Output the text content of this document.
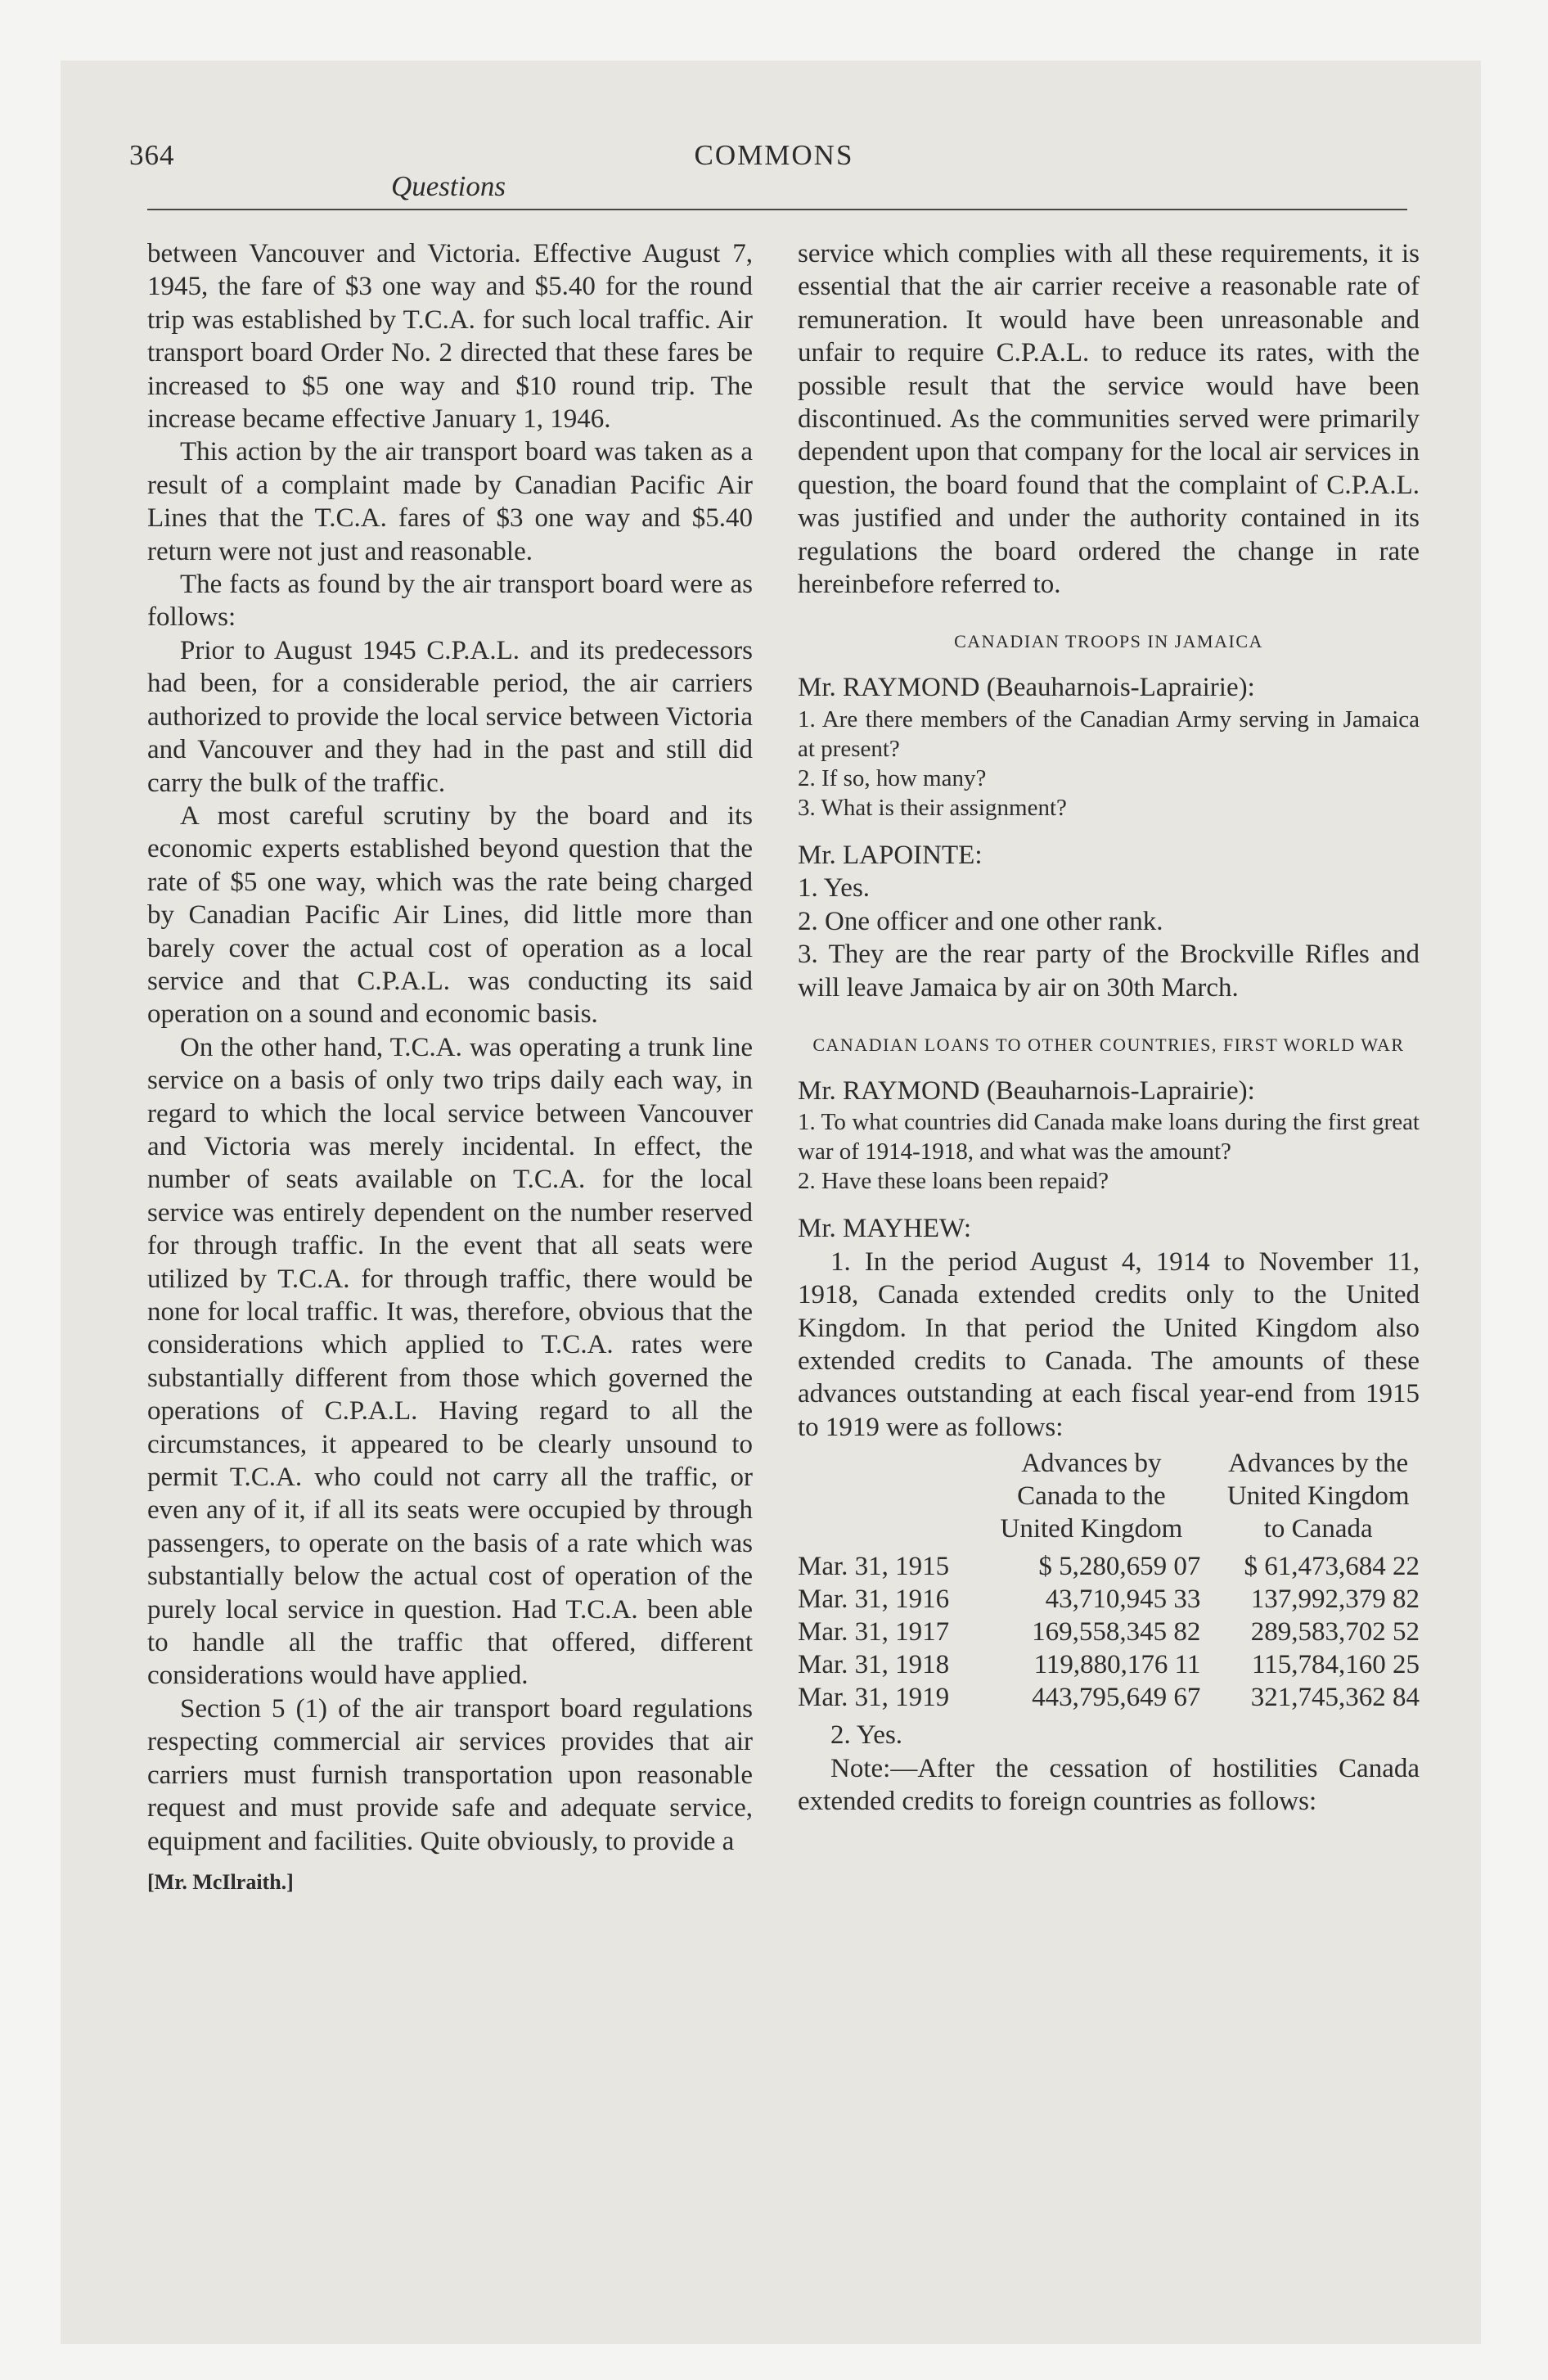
364	COMMONS
Questions

between Vancouver and Victoria. Effective August 7, 1945, the fare of $3 one way and $5.40 for the round trip was established by T.C.A. for such local traffic. Air transport board Order No. 2 directed that these fares be increased to $5 one way and $10 round trip. The increase became effective January 1, 1946.

This action by the air transport board was taken as a result of a complaint made by Canadian Pacific Air Lines that the T.C.A. fares of $3 one way and $5.40 return were not just and reasonable.

The facts as found by the air transport board were as follows:

Prior to August 1945 C.P.A.L. and its predecessors had been, for a considerable period, the air carriers authorized to provide the local service between Victoria and Vancouver and they had in the past and still did carry the bulk of the traffic.

A most careful scrutiny by the board and its economic experts established beyond question that the rate of $5 one way, which was the rate being charged by Canadian Pacific Air Lines, did little more than barely cover the actual cost of operation as a local service and that C.P.A.L. was conducting its said operation on a sound and economic basis.

On the other hand, T.C.A. was operating a trunk line service on a basis of only two trips daily each way, in regard to which the local service between Vancouver and Victoria was merely incidental. In effect, the number of seats available on T.C.A. for the local service was entirely dependent on the number reserved for through traffic. In the event that all seats were utilized by T.C.A. for through traffic, there would be none for local traffic. It was, therefore, obvious that the considerations which applied to T.C.A. rates were substantially different from those which governed the operations of C.P.A.L. Having regard to all the circumstances, it appeared to be clearly unsound to permit T.C.A. who could not carry all the traffic, or even any of it, if all its seats were occupied by through passengers, to operate on the basis of a rate which was substantially below the actual cost of operation of the purely local service in question. Had T.C.A. been able to handle all the traffic that offered, different considerations would have applied.

Section 5 (1) of the air transport board regulations respecting commercial air services provides that air carriers must furnish transportation upon reasonable request and must provide safe and adequate service, equipment and facilities. Quite obviously, to provide a

[Mr. McIlraith.]

service which complies with all these requirements, it is essential that the air carrier receive a reasonable rate of remuneration. It would have been unreasonable and unfair to require C.P.A.L. to reduce its rates, with the possible result that the service would have been discontinued. As the communities served were primarily dependent upon that company for the local air services in question, the board found that the complaint of C.P.A.L. was justified and under the authority contained in its regulations the board ordered the change in rate hereinbefore referred to.

CANADIAN TROOPS IN JAMAICA

Mr. RAYMOND (Beauharnois-Laprairie):

1. Are there members of the Canadian Army serving in Jamaica at present?

2. If so, how many?

3. What is their assignment?

Mr. LAPOINTE:

1. Yes.

2. One officer and one other rank.

3. They are the rear party of the Brockville Rifles and will leave Jamaica by air on 30th March.

CANADIAN LOANS TO OTHER COUNTRIES, FIRST WORLD WAR

Mr. RAYMOND (Beauharnois-Laprairie):

1. To what countries did Canada make loans during the first great war of 1914-1918, and what was the amount?

2. Have these loans been repaid?

Mr. MAYHEW:

1. In the period August 4, 1914 to November 11, 1918, Canada extended credits only to the United Kingdom. In that period the United Kingdom also extended credits to Canada. The amounts of these advances outstanding at each fiscal year-end from 1915 to 1919 were as follows:

	Advances by Canada to the United Kingdom	Advances by the United Kingdom to Canada
Mar. 31, 1915	$ 5,280,659 07	$ 61,473,684 22
Mar. 31, 1916	43,710,945 33	137,992,379 82
Mar. 31, 1917	169,558,345 82	289,583,702 52
Mar. 31, 1918	119,880,176 11	115,784,160 25
Mar. 31, 1919	443,795,649 67	321,745,362 84

2. Yes.

Note:—After the cessation of hostilities Canada extended credits to foreign countries as follows:
